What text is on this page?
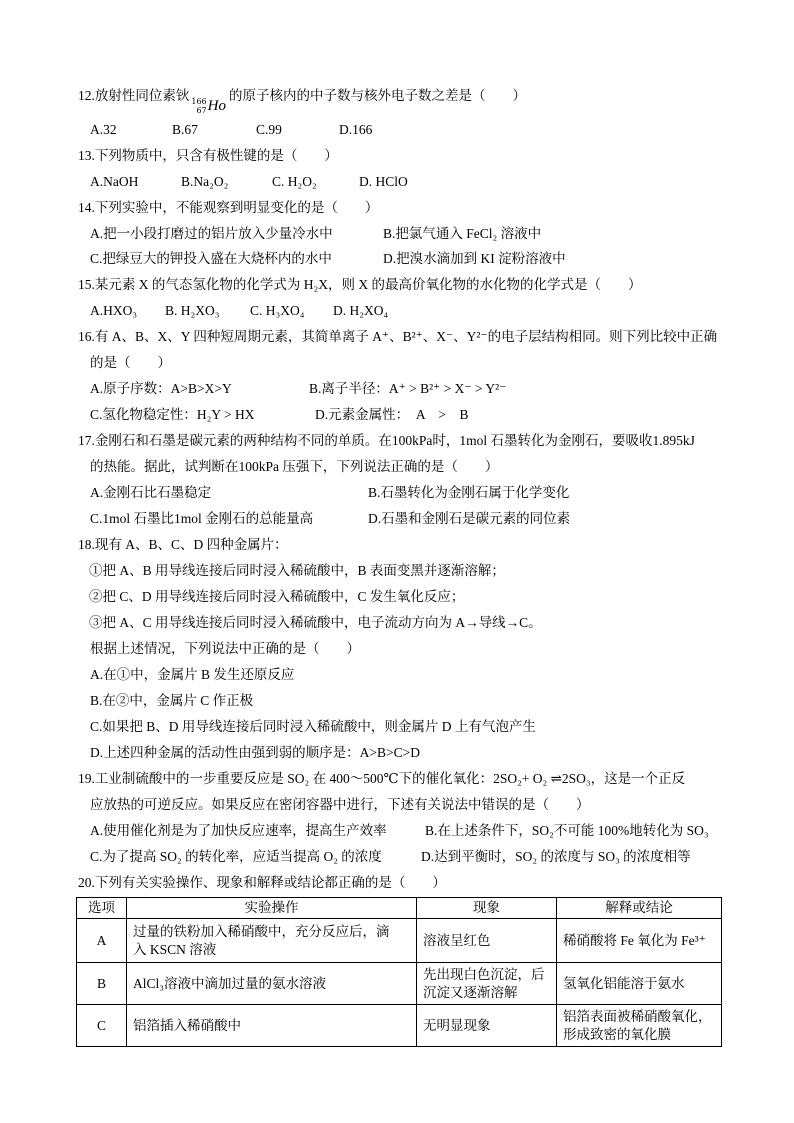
12.放射性同位素钬 166
67 Ho
的原子核内的中子数与核外电子数之差是（　　）
A.32	B.67	C.99	D.166
13.下列物质中，只含有极性键的是（　　）
A.NaOH	B.Na₂O₂	C. H₂O₂	D. HClO
14.下列实验中，不能观察到明显变化的是（　　）
A.把一小段打磨过的铝片放入少量冷水中	B.把氯气通入 FeCl₂ 溶液中
C.把绿豆大的钾投入盛在大烧杯内的水中	D.把溴水滴加到 KI 淀粉溶液中
15.某元素 X 的气态氢化物的化学式为 H₂X，则 X 的最高价氧化物的水化物的化学式是（　　）
A.HXO₃ B. H₂XO₃ C. H₃XO₄ D. H₂XO₄
16.有 A、B、X、Y 四种短周期元素，其简单离子 A⁺、B²⁺、X⁻、Y²⁻的电子层结构相同。则下列比较中正确
的是（　　）
A.原子序数：A>B>X>Y	B.离子半径：A⁺ > B²⁺ > X⁻ > Y²⁻
C.氢化物稳定性：H₂Y > HX	D.元素金属性：　A　>　B
17.金刚石和石墨是碳元素的两种结构不同的单质。在100kPa时，1mol 石墨转化为金刚石，要吸收1.895kJ
的热能。据此，试判断在100kPa 压强下，下列说法正确的是（　　）
A.金刚石比石墨稳定	B.石墨转化为金刚石属于化学变化
C.1mol 石墨比1mol 金刚石的总能量高	D.石墨和金刚石是碳元素的同位素
18.现有 A、B、C、D 四种金属片：
①把 A、B 用导线连接后同时浸入稀硫酸中，B 表面变黑并逐渐溶解；
②把 C、D 用导线连接后同时浸入稀硫酸中，C 发生氧化反应；
③把 A、C 用导线连接后同时浸入稀硫酸中，电子流动方向为 A→导线→C。
根据上述情况，下列说法中正确的是（　　）
A.在①中，金属片 B 发生还原反应
B.在②中，金属片 C 作正极
C.如果把 B、D 用导线连接后同时浸入稀硫酸中，则金属片 D 上有气泡产生
D.上述四种金属的活动性由强到弱的顺序是：A>B>C>D
19.工业制硫酸中的一步重要反应是 SO₂ 在 400～500℃下的催化氧化：2SO₂+ O₂ ⇌2SO₃，这是一个正反
应放热的可逆反应。如果反应在密闭容器中进行，下述有关说法中错误的是（　　）
A.使用催化剂是为了加快反应速率，提高生产效率	B.在上述条件下，SO₂不可能 100%地转化为 SO₃
C.为了提高 SO₂ 的转化率，应适当提高 O₂ 的浓度	D.达到平衡时，SO₂ 的浓度与 SO₃ 的浓度相等
20.下列有关实验操作、现象和解释或结论都正确的是（　　）
选项	实验操作	现象	解释或结论
A	过量的铁粉加入稀硝酸中，充分反应后，滴
入 KSCN 溶液	溶液呈红色	稀硝酸将 Fe 氧化为 Fe³⁺

B	AlCl₃溶液中滴加过量的氨水溶液	先出现白色沉淀，后
沉淀又逐渐溶解	氢氧化铝能溶于氨水

C	铝箔插入稀硝酸中	无明显现象	铝箔表面被稀硝酸氧化，
形成致密的氧化膜
